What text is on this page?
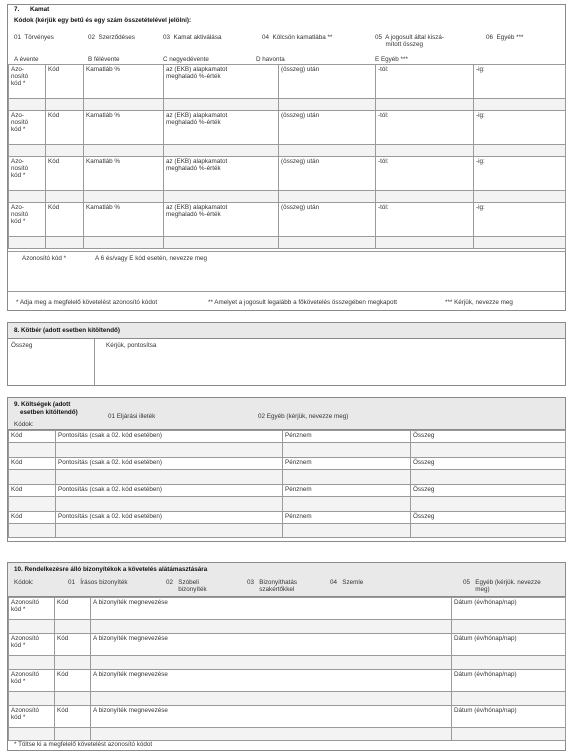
7. Kamat
Kódok (kérjük egy betű és egy szám összetételével jelölni):
01 Törvényes	02 Szerződéses	03 Kamat aktiválása	04 Kölcsön kamatlába **	05 A jogosult által kiszá-
mított összeg
06 Egyéb ***
A évente	B félévente	C negyedévente	D havonta	E Egyéb ***
Azo-
nosító
kód *	Kód	Kamatláb %	az (EKB) alapkamatot
meghaladó %-érték	(összeg) után	-tól:	-ig:

Azo-
nosító
kód *	Kód	Kamatláb %	az (EKB) alapkamatot
meghaladó %-érték	(összeg) után	-tól:	-ig:

Azo-
nosító
kód *	Kód	Kamatláb %	az (EKB) alapkamatot
meghaladó %-érték	(összeg) után	-tól:	-ig:

Azo-
nosító
kód *	Kód	Kamatláb %	az (EKB) alapkamatot
meghaladó %-érték	(összeg) után	-tól:	-ig:

Azonosító kód *	A 6 és/vagy E kód esetén, nevezze meg
* Adja meg a megfelelő követelést azonosító kódot	** Amelyet a jogosult legalább a főkövetelés összegében megkapott	*** Kérjük, nevezze meg
8. Kötbér (adott esetben kitöltendő)
Összeg	Kérjük, pontosítsa
9. Költségek (adott
esetben kitöltendő)
01 Eljárási illeték	02 Egyéb (kérjük, nevezze meg)
Kódok:
Kód	Pontosítás (csak a 02. kód esetében)	Pénznem	Összeg

Kód	Pontosítás (csak a 02. kód esetében)	Pénznem	Összeg

Kód	Pontosítás (csak a 02. kód esetében)	Pénznem	Összeg

Kód	Pontosítás (csak a 02. kód esetében)	Pénznem	Összeg

10. Rendelkezésre álló bizonyítékok a követelés alátámasztására
Kódok:	01 Írásos bizonyíték	02 Szóbeli
bizonyíték
03 Bizonyíthatás
szakértőkkel
04 Szemle	05 Egyéb (kérjük. nevezze
meg)
Azonosító
kód *	Kód	A bizonyíték megnevezése	Dátum (év/hónap/nap)

Azonosító
kód *	Kód	A bizonyíték megnevezése	Dátum (év/hónap/nap)

Azonosító
kód *	Kód	A bizonyíték megnevezése	Dátum (év/hónap/nap)

Azonosító
kód *	Kód	A bizonyíték megnevezése	Dátum (év/hónap/nap)

* Töltse ki a megfelelő követelést azonosító kódot
